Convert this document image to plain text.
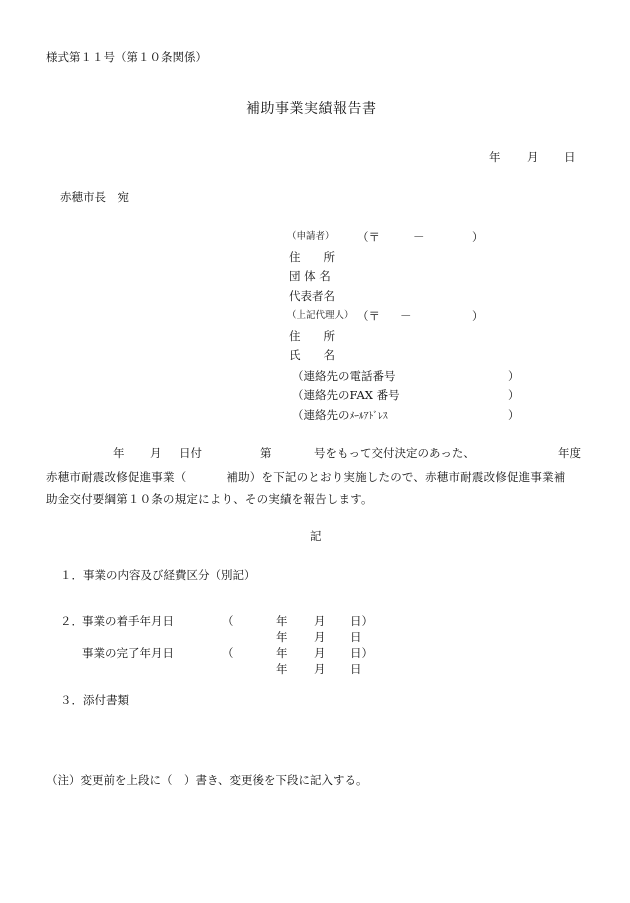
様式第１１号（第１０条関係）
補助事業実績報告書
年 月 日
赤穂市長　宛
（申請者） （〒	－	）
住　　所
団 体 名
代表者名
（上記代理人） （〒 －	）
住　　所
氏　　名
（連絡先の電話番号	）
（連絡先のFAX 番号	）
（連絡先のﾒｰﾙｱﾄﾞﾚｽ	）
年 月 日付	第	号をもって交付決定のあった、	年度
赤穂市耐震改修促進事業（	補助）を下記のとおり実施したので、赤穂市耐震改修促進事業補
助金交付要綱第１０条の規定により、その実績を報告します。
記
１．事業の内容及び経費区分（別記）
２． 事業の着手年月日	（	年 月 日）
年 月 日
事業の完了年月日	（	年 月 日）
年 月 日
３．添付書類
（注）変更前を上段に（　）書き、変更後を下段に記入する。
